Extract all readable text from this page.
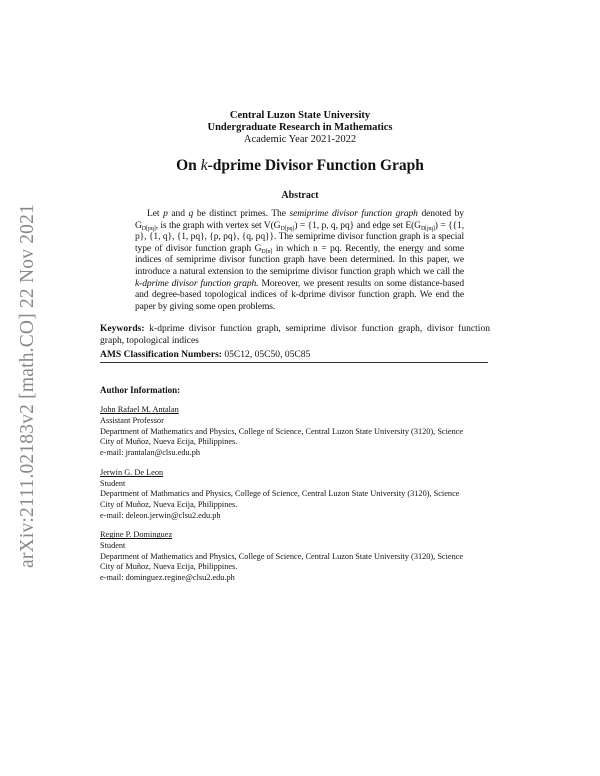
arXiv:2111.02183v2 [math.CO] 22 Nov 2021
Central Luzon State University
Undergraduate Research in Mathematics
Academic Year 2021-2022
On k-dprime Divisor Function Graph
Abstract
Let p and q be distinct primes. The semiprime divisor function graph denoted by $G_{D[pq]}$, is the graph with vertex set $V(G_{D[pq]}) = \{1$, p, q, pq} and edge set $E(G_{D[pq]}) = \{\{1$, p}, {1, q}, {1, pq}, {p, pq}, {q, pq}}. The semiprime divisor function graph is a special type of divisor function graph $G_{D[n]}$ in which n = pq. Recently, the energy and some indices of semiprime divisor function graph have been determined. In this paper, we introduce a natural extension to the semiprime divisor function graph which we call the k-dprime divisor function graph. Moreover, we present results on some distance-based and degree-based topological indices of k-dprime divisor function graph. We end the paper by giving some open problems.
Keywords: k-dprime divisor function graph, semiprime divisor function graph, divisor function graph, topological indices
AMS Classification Numbers: 05C12, 05C50, 05C85
Author Information:
John Rafael M. Antalan
Assistant Professor
Department of Mathematics and Physics, College of Science, Central Luzon State University (3120), Science
City of Muñoz, Nueva Ecija, Philippines.
e-mail: jrantalan@clsu.edu.ph
Jerwin G. De Leon
Student
Department of Mathmatics and Physics, College of Science, Central Luzon State University (3120), Science
City of Muñoz, Nueva Ecija, Philippines.
e-mail: deleon.jerwin@clsu2.edu.ph
Regine P. Dominguez
Student
Department of Mathematics and Physics, College of Science, Central Luzon State University (3120), Science
City of Muñoz, Nueva Ecija, Philippines.
e-mail: dominguez.regine@clsu2.edu.ph
